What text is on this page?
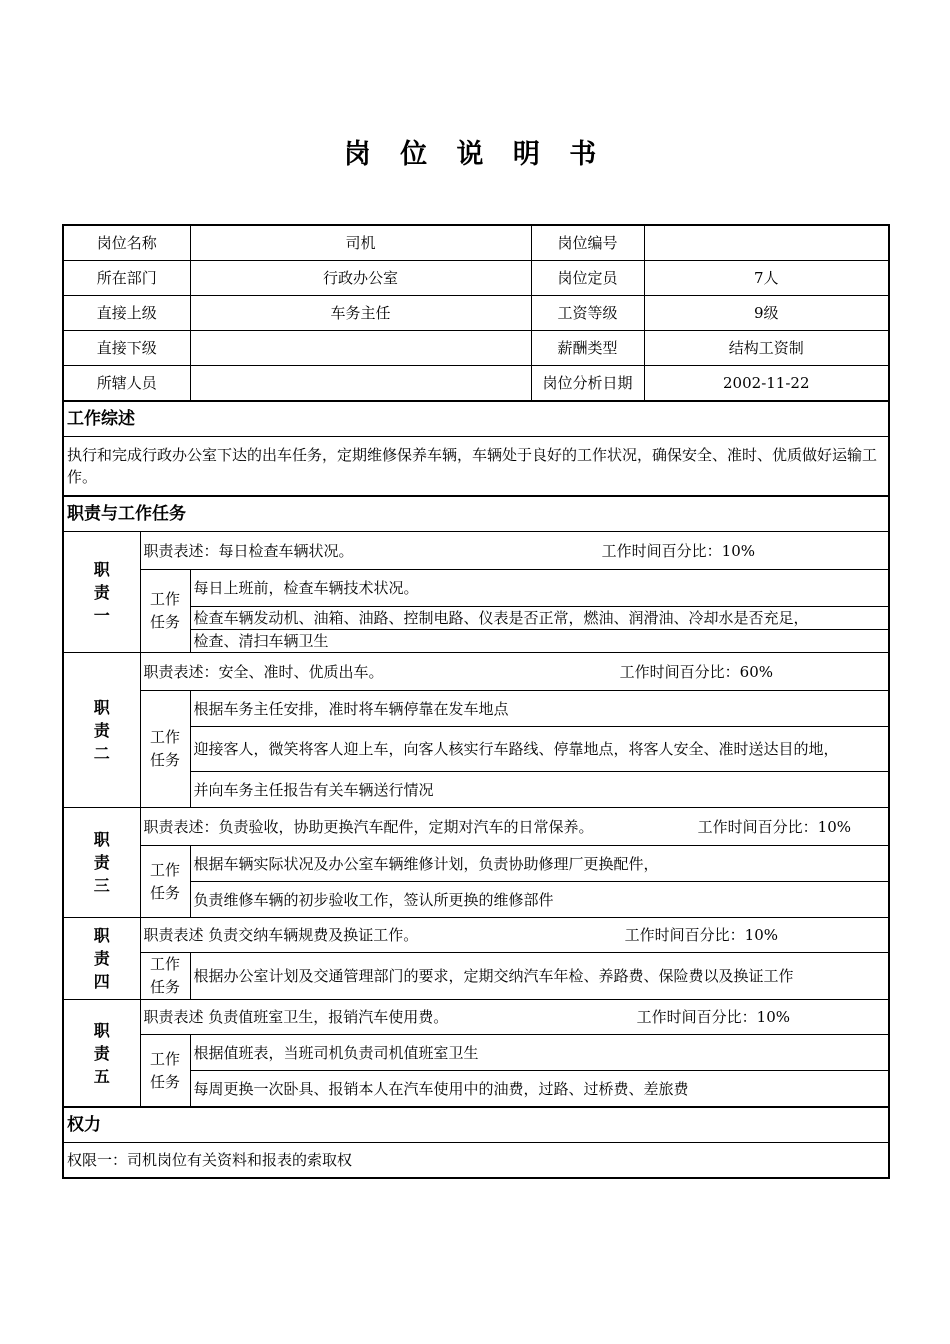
岗 位 说 明 书
岗位名称		司机	岗位编号	
所在部门		行政办公室	岗位定员	7人
直接上级		车务主任	工资等级	9级
直接下级			薪酬类型	结构工资制
所辖人员			岗位分析日期	2002-11-22
工作综述				
执行和完成行政办公室下达的出车任务，定期维修保养车辆，车辆处于良好的工作状况，确保安全、准时、优质做好运输工作。				
职责与工作任务				
职责一	职责表述：每日检查车辆状况。 工作时间百分比：10%			

	工作任务	每日上班前，检查车辆技术状况。		
		检查车辆发动机、油箱、油路、控制电路、仪表是否正常，燃油、润滑油、冷却水是否充足，		
		检查、清扫车辆卫生		
职责二	职责表述：安全、准时、优质出车。 工作时间百分比：60%			

	工作任务	根据车务主任安排，准时将车辆停靠在发车地点		
		迎接客人，微笑将客人迎上车，向客人核实行车路线、停靠地点，将客人安全、准时送达目的地，		
		并向车务主任报告有关车辆送行情况		
职责三	职责表述：负责验收，协助更换汽车配件，定期对汽车的日常保养。 工作时间百分比：10%			

	工作任务	根据车辆实际状况及办公室车辆维修计划，负责协助修理厂更换配件，		
		负责维修车辆的初步验收工作，签认所更换的维修部件		
职责四	职责表述 负责交纳车辆规费及换证工作。 工作时间百分比：10%			

	工作任务	根据办公室计划及交通管理部门的要求，定期交纳汽车年检、养路费、保险费以及换证工作		
职责五	职责表述 负责值班室卫生，报销汽车使用费。 工作时间百分比：10%			

	工作任务	根据值班表，当班司机负责司机值班室卫生		
		每周更换一次卧具、报销本人在汽车使用中的油费，过路、过桥费、差旅费		
权力				
权限一：司机岗位有关资料和报表的索取权				
